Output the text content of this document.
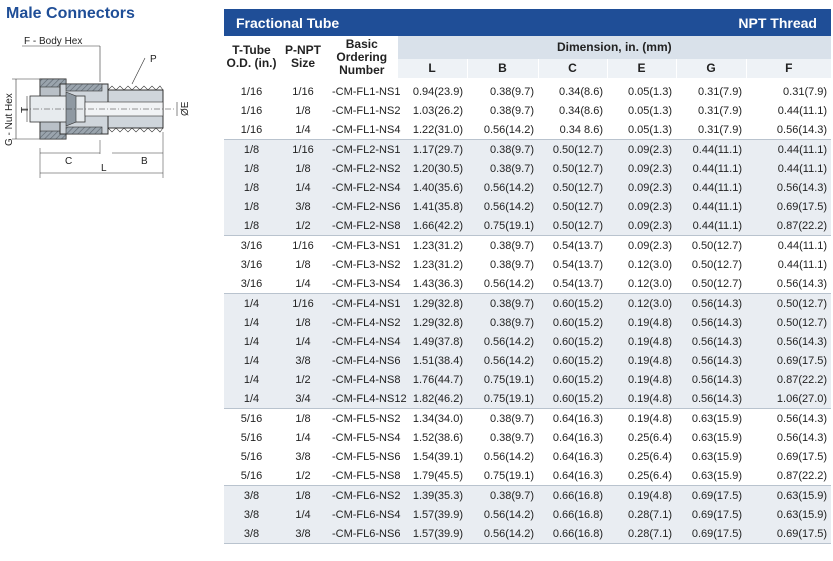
Male Connectors
F - Body Hex
P
G - Nut Hex T	ØE
C	B
L
Fractional Tube	NPT Thread
T-Tube O.D. (in.)	P-NPT Size	Basic Ordering Number	Dimension, in. (mm)					
			L	B	C	E	G	F

1/16	1/16	-CM-FL1-NS1	0.94(23.9)	0.38(9.7)	0.34(8.6)	0.05(1.3)	0.31(7.9)	0.31(7.9)
1/16	1/8	-CM-FL1-NS2	1.03(26.2)	0.38(9.7)	0.34(8.6)	0.05(1.3)	0.31(7.9)	0.44(11.1)
1/16	1/4	-CM-FL1-NS4	1.22(31.0)	0.56(14.2)	0.34 8.6)	0.05(1.3)	0.31(7.9)	0.56(14.3)
1/8	1/16	-CM-FL2-NS1	1.17(29.7)	0.38(9.7)	0.50(12.7)	0.09(2.3)	0.44(11.1)	0.44(11.1)
1/8	1/8	-CM-FL2-NS2	1.20(30.5)	0.38(9.7)	0.50(12.7)	0.09(2.3)	0.44(11.1)	0.44(11.1)
1/8	1/4	-CM-FL2-NS4	1.40(35.6)	0.56(14.2)	0.50(12.7)	0.09(2.3)	0.44(11.1)	0.56(14.3)
1/8	3/8	-CM-FL2-NS6	1.41(35.8)	0.56(14.2)	0.50(12.7)	0.09(2.3)	0.44(11.1)	0.69(17.5)
1/8	1/2	-CM-FL2-NS8	1.66(42.2)	0.75(19.1)	0.50(12.7)	0.09(2.3)	0.44(11.1)	0.87(22.2)
3/16	1/16	-CM-FL3-NS1	1.23(31.2)	0.38(9.7)	0.54(13.7)	0.09(2.3)	0.50(12.7)	0.44(11.1)
3/16	1/8	-CM-FL3-NS2	1.23(31.2)	0.38(9.7)	0.54(13.7)	0.12(3.0)	0.50(12.7)	0.44(11.1)
3/16	1/4	-CM-FL3-NS4	1.43(36.3)	0.56(14.2)	0.54(13.7)	0.12(3.0)	0.50(12.7)	0.56(14.3)
1/4	1/16	-CM-FL4-NS1	1.29(32.8)	0.38(9.7)	0.60(15.2)	0.12(3.0)	0.56(14.3)	0.50(12.7)
1/4	1/8	-CM-FL4-NS2	1.29(32.8)	0.38(9.7)	0.60(15.2)	0.19(4.8)	0.56(14.3)	0.50(12.7)
1/4	1/4	-CM-FL4-NS4	1.49(37.8)	0.56(14.2)	0.60(15.2)	0.19(4.8)	0.56(14.3)	0.56(14.3)
1/4	3/8	-CM-FL4-NS6	1.51(38.4)	0.56(14.2)	0.60(15.2)	0.19(4.8)	0.56(14.3)	0.69(17.5)
1/4	1/2	-CM-FL4-NS8	1.76(44.7)	0.75(19.1)	0.60(15.2)	0.19(4.8)	0.56(14.3)	0.87(22.2)
1/4	3/4	-CM-FL4-NS12	1.82(46.2)	0.75(19.1)	0.60(15.2)	0.19(4.8)	0.56(14.3)	1.06(27.0)
5/16	1/8	-CM-FL5-NS2	1.34(34.0)	0.38(9.7)	0.64(16.3)	0.19(4.8)	0.63(15.9)	0.56(14.3)
5/16	1/4	-CM-FL5-NS4	1.52(38.6)	0.38(9.7)	0.64(16.3)	0.25(6.4)	0.63(15.9)	0.56(14.3)
5/16	3/8	-CM-FL5-NS6	1.54(39.1)	0.56(14.2)	0.64(16.3)	0.25(6.4)	0.63(15.9)	0.69(17.5)
5/16	1/2	-CM-FL5-NS8	1.79(45.5)	0.75(19.1)	0.64(16.3)	0.25(6.4)	0.63(15.9)	0.87(22.2)
3/8	1/8	-CM-FL6-NS2	1.39(35.3)	0.38(9.7)	0.66(16.8)	0.19(4.8)	0.69(17.5)	0.63(15.9)
3/8	1/4	-CM-FL6-NS4	1.57(39.9)	0.56(14.2)	0.66(16.8)	0.28(7.1)	0.69(17.5)	0.63(15.9)
3/8	3/8	-CM-FL6-NS6	1.57(39.9)	0.56(14.2)	0.66(16.8)	0.28(7.1)	0.69(17.5)	0.69(17.5)
